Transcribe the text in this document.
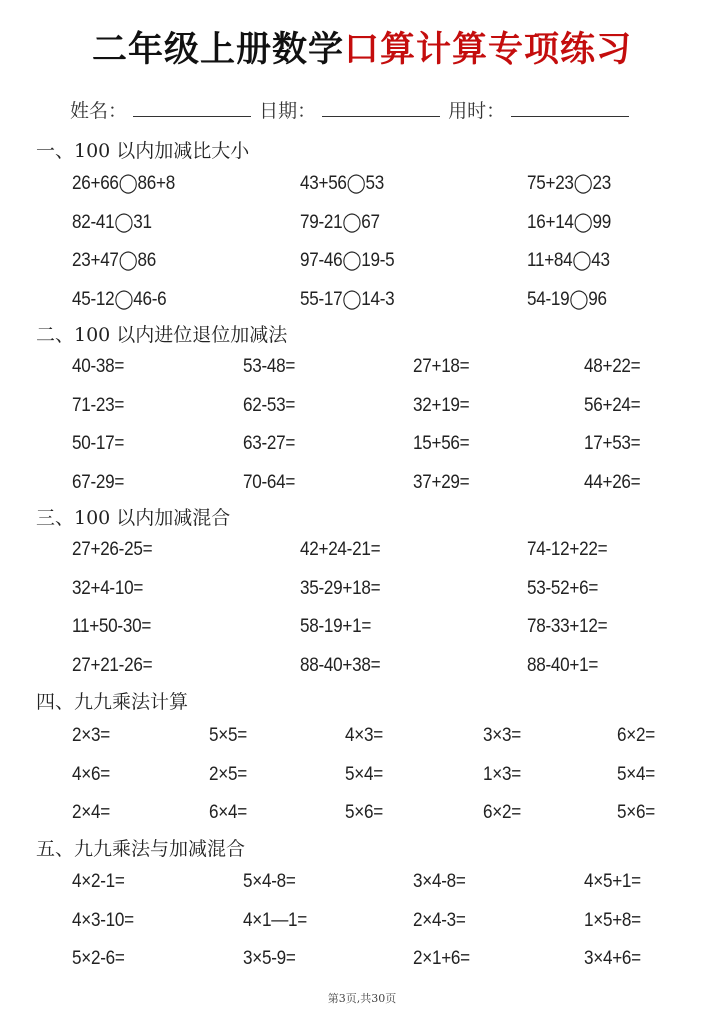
二年级上册数学口算计算专项练习
姓名：	日期：	用时：
一、100 以内加减比大小
26+66◯86+8	43+56◯53	75+23◯23
82-41◯31	79-21◯67	16+14◯99
23+47◯86	97-46◯19-5	11+84◯43
45-12◯46-6	55-17◯14-3	54-19◯96
二、100 以内进位退位加减法
40-38=	53-48=	27+18=	48+22=
71-23=	62-53=	32+19=	56+24=
50-17=	63-27=	15+56=	17+53=
67-29=	70-64=	37+29=	44+26=
三、100 以内加减混合
27+26-25=	42+24-21=	74-12+22=
32+4-10=	35-29+18=	53-52+6=
11+50-30=	58-19+1=	78-33+12=
27+21-26=	88-40+38=	88-40+1=
四、九九乘法计算
2×3=	5×5=	4×3=	3×3=	6×2=
4×6=	2×5=	5×4=	1×3=	5×4=
2×4=	6×4=	5×6=	6×2=	5×6=
五、九九乘法与加减混合
4×2-1=	5×4-8=	3×4-8=	4×5+1=
4×3-10=	4×1—1=	2×4-3=	1×5+8=
5×2-6=	3×5-9=	2×1+6=	3×4+6=
第3页,共30页
